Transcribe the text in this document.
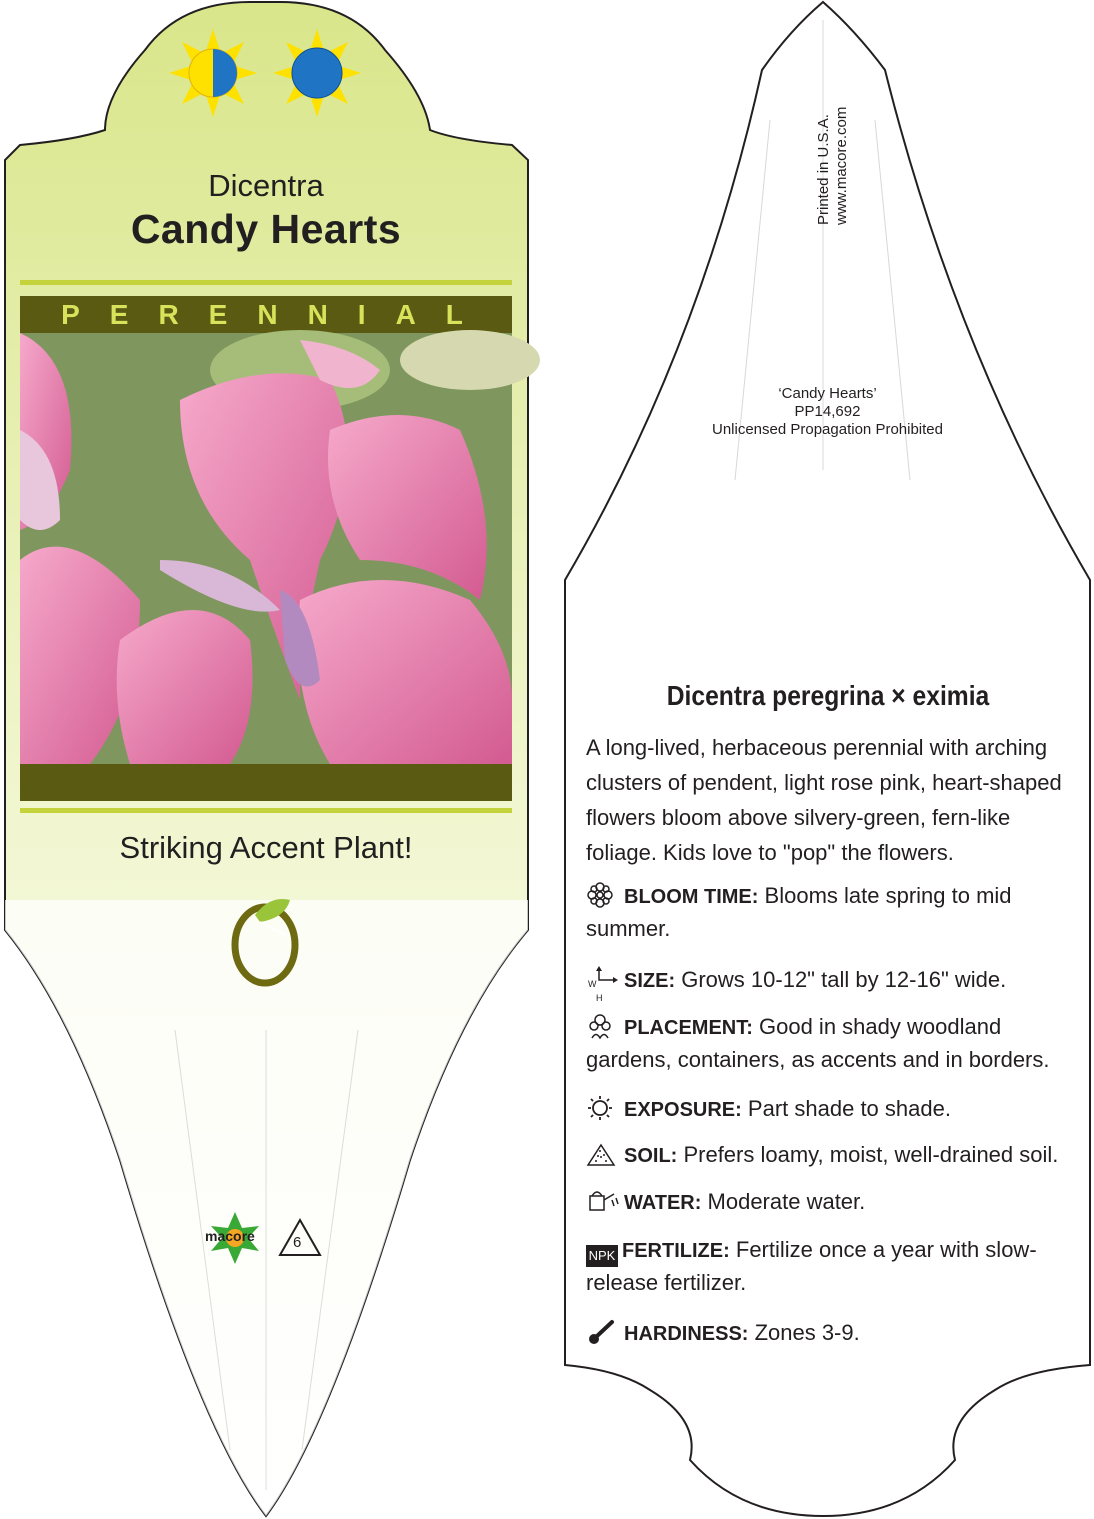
Dicentra
Candy Hearts
PERENNIAL
Striking Accent Plant!
macore	6
Printed in U.S.A. www.macore.com
‘Candy Hearts’
PP14,692
Unlicensed Propagation Prohibited
Dicentra peregrina × eximia
A long-lived, herbaceous perennial with arching clusters of pendent, light rose pink, heart-shaped flowers bloom above silvery-green, fern-like foliage. Kids love to "pop" the flowers.
BLOOM TIME: Blooms late spring to mid summer.
W
H
SIZE: Grows 10-12" tall by 12-16" wide.
PLACEMENT: Good in shady woodland gardens, containers, as accents and in borders.
EXPOSURE: Part shade to shade.
SOIL: Prefers loamy, moist, well-drained soil.
WATER: Moderate water.
NPK FERTILIZE: Fertilize once a year with slow-release fertilizer.
HARDINESS: Zones 3-9.
